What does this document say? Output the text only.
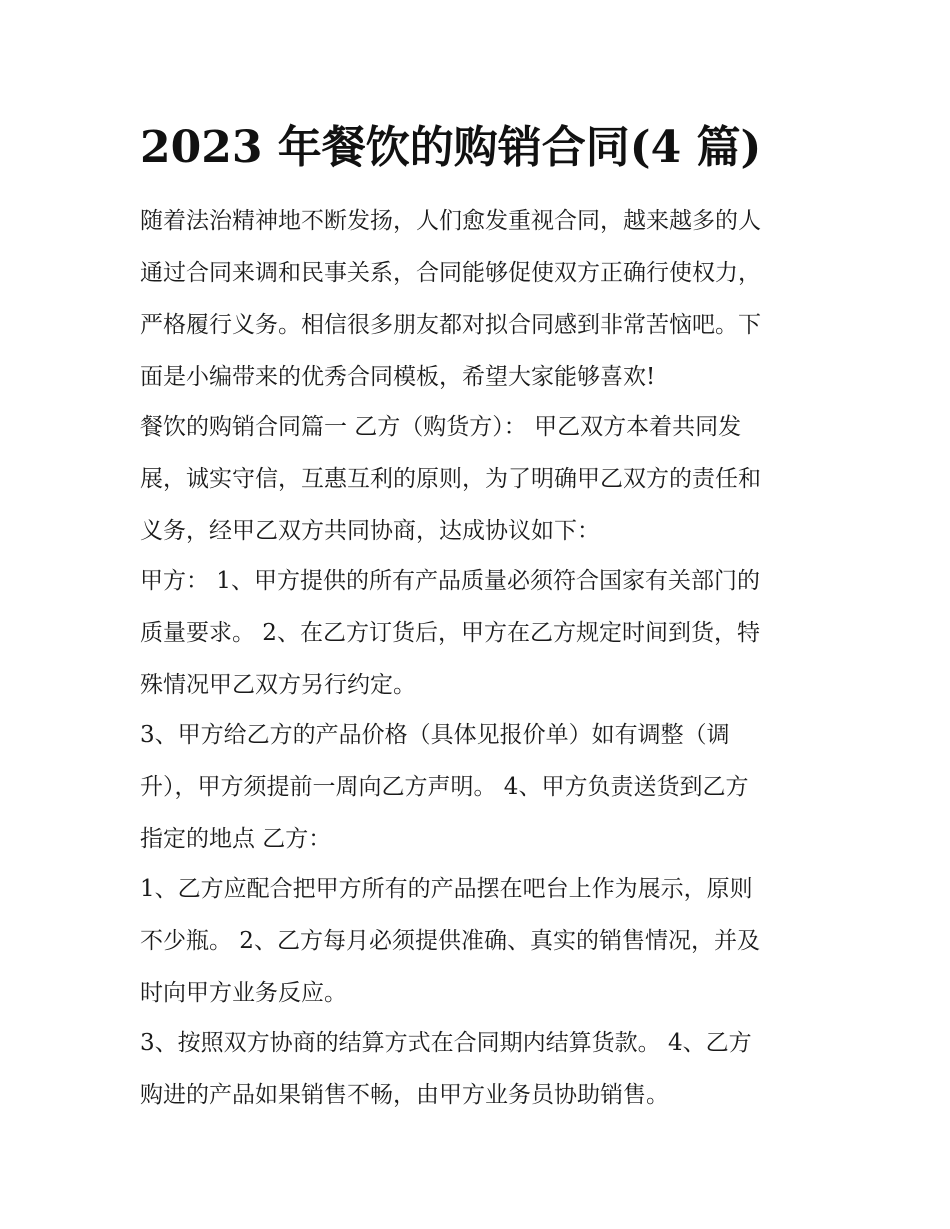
2023 年餐饮的购销合同(4 篇)

随着法治精神地不断发扬，人们愈发重视合同，越来越多的人

通过合同来调和民事关系，合同能够促使双方正确行使权力，

严格履行义务。相信很多朋友都对拟合同感到非常苦恼吧。下

面是小编带来的优秀合同模板，希望大家能够喜欢!

餐饮的购销合同篇一 乙方（购货方）： 甲乙双方本着共同发

展，诚实守信，互惠互利的原则，为了明确甲乙双方的责任和

义务，经甲乙双方共同协商，达成协议如下：

甲方： 1、甲方提供的所有产品质量必须符合国家有关部门的

质量要求。 2、在乙方订货后，甲方在乙方规定时间到货，特

殊情况甲乙双方另行约定。

3、甲方给乙方的产品价格（具体见报价单）如有调整（调

升），甲方须提前一周向乙方声明。 4、甲方负责送货到乙方

指定的地点 乙方：

1、乙方应配合把甲方所有的产品摆在吧台上作为展示，原则

不少瓶。 2、乙方每月必须提供准确、真实的销售情况，并及

时向甲方业务反应。

3、按照双方协商的结算方式在合同期内结算货款。 4、乙方

购进的产品如果销售不畅，由甲方业务员协助销售。
